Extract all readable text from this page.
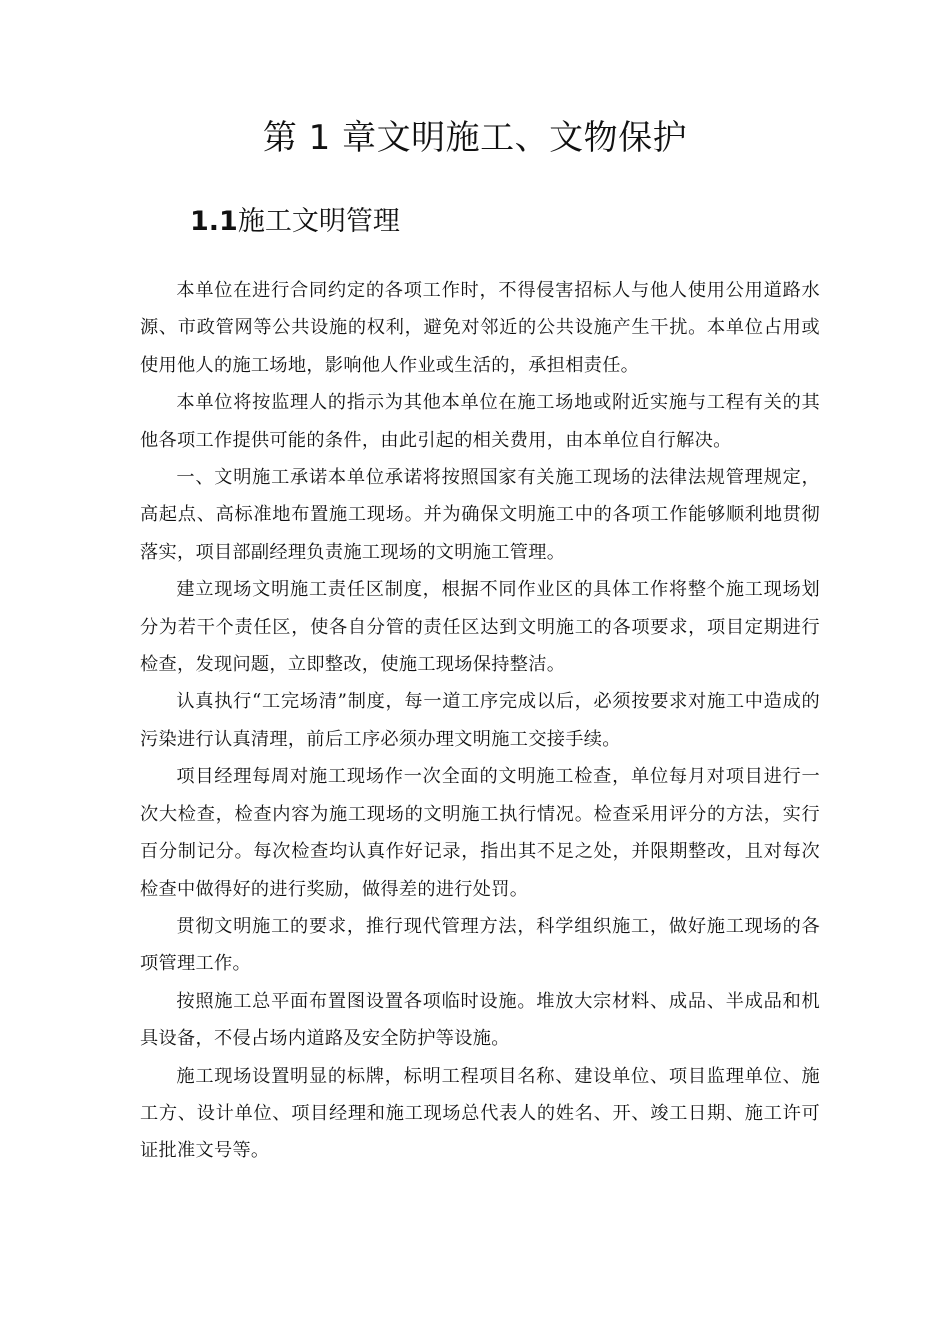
第 1 章文明施工、文物保护
1.1施工文明管理

本单位在进行合同约定的各项工作时，不得侵害招标人与他人使用公用道路水源、市政管网等公共设施的权利，避免对邻近的公共设施产生干扰。本单位占用或使用他人的施工场地，影响他人作业或生活的，承担相责任。

本单位将按监理人的指示为其他本单位在施工场地或附近实施与工程有关的其他各项工作提供可能的条件，由此引起的相关费用，由本单位自行解决。

一、文明施工承诺本单位承诺将按照国家有关施工现场的法律法规管理规定，高起点、高标准地布置施工现场。并为确保文明施工中的各项工作能够顺利地贯彻落实，项目部副经理负责施工现场的文明施工管理。

建立现场文明施工责任区制度，根据不同作业区的具体工作将整个施工现场划分为若干个责任区，使各自分管的责任区达到文明施工的各项要求，项目定期进行检查，发现问题，立即整改，使施工现场保持整洁。

认真执行“工完场清”制度，每一道工序完成以后，必须按要求对施工中造成的污染进行认真清理，前后工序必须办理文明施工交接手续。

项目经理每周对施工现场作一次全面的文明施工检查，单位每月对项目进行一次大检查，检查内容为施工现场的文明施工执行情况。检查采用评分的方法，实行百分制记分。每次检查均认真作好记录，指出其不足之处，并限期整改，且对每次检查中做得好的进行奖励，做得差的进行处罚。

贯彻文明施工的要求，推行现代管理方法，科学组织施工，做好施工现场的各项管理工作。

按照施工总平面布置图设置各项临时设施。堆放大宗材料、成品、半成品和机具设备，不侵占场内道路及安全防护等设施。

施工现场设置明显的标牌，标明工程项目名称、建设单位、项目监理单位、施工方、设计单位、项目经理和施工现场总代表人的姓名、开、竣工日期、施工许可证批准文号等。
